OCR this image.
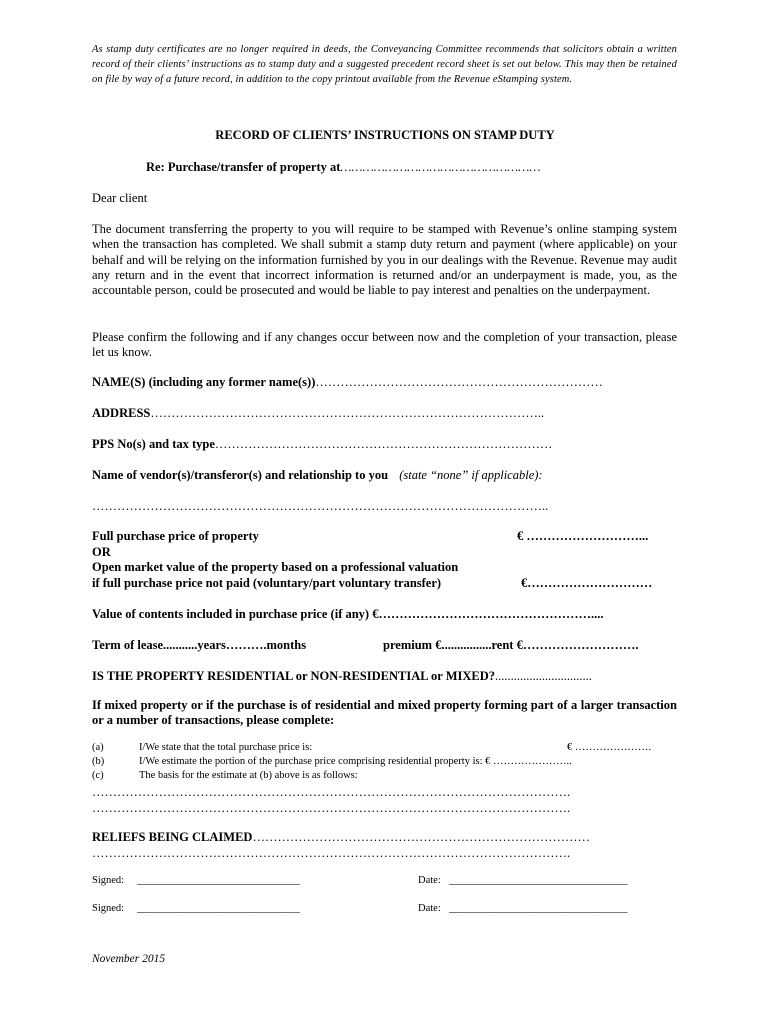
As stamp duty certificates are no longer required in deeds, the Conveyancing Committee recommends that solicitors obtain a written record of their clients’ instructions as to stamp duty and a suggested precedent record sheet is set out below. This may then be retained on file by way of a future record, in addition to the copy printout available from the Revenue eStamping system.
RECORD OF CLIENTS’ INSTRUCTIONS ON STAMP DUTY
Re: Purchase/transfer of property at………………………………………………
Dear client
The document transferring the property to you will require to be stamped with Revenue’s online stamping system when the transaction has completed. We shall submit a stamp duty return and payment (where applicable) on your behalf and will be relying on the information furnished by you in our dealings with the Revenue. Revenue may audit any return and in the event that incorrect information is returned and/or an underpayment is made, you, as the accountable person, could be prosecuted and would be liable to pay interest and penalties on the underpayment.
Please confirm the following and if any changes occur between now and the completion of your transaction, please let us know.
NAME(S) (including any former name(s))……………………………………………………………
ADDRESS…………………………………………………………………………………..
PPS No(s) and tax type………………………………………………………………………
Name of vendor(s)/transferor(s) and relationship to you (state “none” if applicable):
………………………………………………………………………………………………..
Full purchase price of property	€ ………………………...
OR
Open market value of the property based on a professional valuation
if full purchase price not paid (voluntary/part voluntary transfer)	€…………………………
Value of contents included in purchase price (if any) €……………………………………………....
Term of lease...........years……….months	premium €................rent €……………………….
IS THE PROPERTY RESIDENTIAL or NON-RESIDENTIAL or MIXED?...............................
If mixed property or if the purchase is of residential and mixed property forming part of a larger transaction or a number of transactions, please complete:
(a)	I/We state that the total purchase price is:	€ ………………….
(b)	I/We estimate the portion of the purchase price comprising residential property is: € …………………..
(c)	The basis for the estimate at (b) above is as follows:
…………………………………………………………………………………………………….
…………………………………………………………………………………………………….
RELIEFS BEING CLAIMED………………………………………………………………………
…………………………………………………………………………………………………….
Signed: _______________________________	Date: __________________________________
Signed: _______________________________	Date: __________________________________
November 2015
